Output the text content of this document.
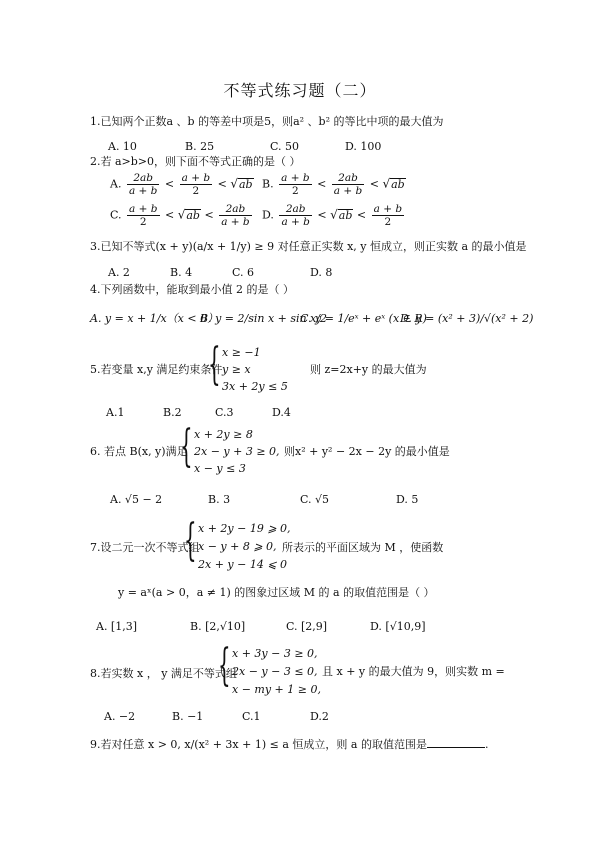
不等式练习题（二）
1.已知两个正数a 、b 的等差中项是5，则a² 、b² 的等比中项的最大值为
A. 10	B. 25	C. 50	D. 100
2.若 a>b>0，则下面不等式正确的是（ ）
A. $\frac{2ab}{a + b} < \frac{a + b}{2} < √ab$ B. $\frac{a + b}{2} < \frac{2ab}{a + b} < √ab$
C. $\frac{a + b}{2} < √ab < \frac{2ab}{a + b} D$. $\frac{2ab}{a + b} < √ab < \frac{a + b}{2}$
3.已知不等式(x + y)(a/x + 1/y) ≥ 9 对任意正实数 x, y 恒成立，则正实数 a 的最小值是
A. 2	B. 4	C. 6	D. 8
4.下列函数中，能取到最小值 2 的是（ ）
A. y = x + 1/x（x < 0）
B. y = 2/sin x + sin x/2
C. y = 1/eˣ + eˣ (x ∈ R)
D. y = (x² + 3)/√(x² + 2)
5.若变量 x,y 满足约束条件
{ x ≥ −1
y ≥ x
3x + 2y ≤ 5
则 z=2x+y 的最大值为
A.1	B.2	C.3	D.4
6. 若点 B(x, y)满足
{ x + 2y ≥ 8
2x − y + 3 ≥ 0,
x − y ≤ 3
则x² + y² − 2x − 2y 的最小值是
A. √5 − 2	B. 3	C. √5	D. 5
7.设二元一次不等式组
{ x + 2y − 19 ⩾ 0,
x − y + 8 ⩾ 0,
2x + y − 14 ⩽ 0
所表示的平面区域为 M ，使函数
y = aˣ(a > 0，a ≠ 1) 的图象过区域 M 的 a 的取值范围是（ ）
A. [1,3]	B. [2,√10]	C. [2,9]	D. [√10,9]
8.若实数 x ， y 满足不等式组
{ x + 3y − 3 ≥ 0,
2x − y − 3 ≤ 0,
x − my + 1 ≥ 0,
且 x + y 的最大值为 9，则实数 m =
A. −2	B. −1	C.1	D.2
9.若对任意 x > 0, x/(x² + 3x + 1) ≤ a 恒成立，则 a 的取值范围是	.
